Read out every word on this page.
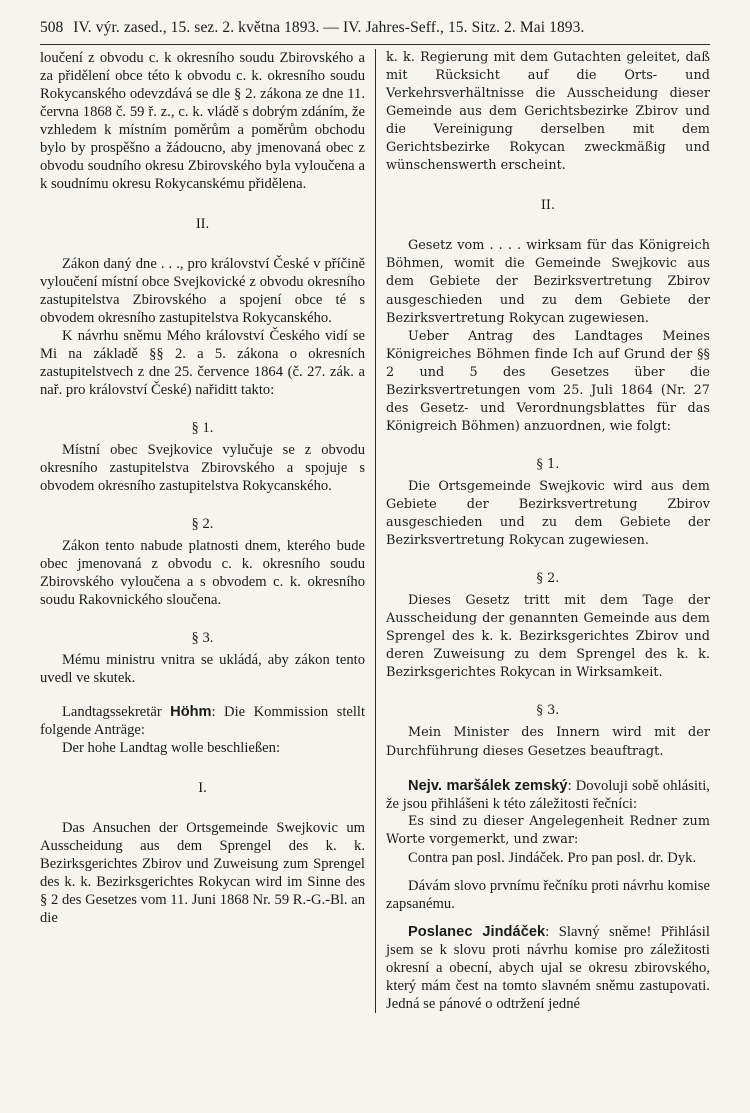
508 IV. výr. zased., 15. sez. 2. května 1893. — IV. Jahres-Seff., 15. Sitz. 2. Mai 1893.

loučení z obvodu c. k okresního soudu Zbirovského a za přidělení obce této k obvodu c. k. okresního soudu Rokycanského odevzdává se dle § 2. zákona ze dne 11. června 1868 č. 59 ř. z., c. k. vládě s dobrým zdáním, že vzhledem k místním poměrům a poměrům obchodu bylo by prospěšno a žádoucno, aby jmenovaná obec z obvodu soudního okresu Zbirovského byla vyloučena a k soudnímu okresu Rokycanskému přidělena.

II.

Zákon daný dne . . ., pro království České v příčině vyloučení místní obce Svejkovické z obvodu okresního zastupitelstva Zbirovského a spojení obce té s obvodem okresního zastupitelstva Rokycanského.

K návrhu sněmu Mého království Českého vidí se Mi na základě §§ 2. a 5. zákona o okresních zastupitelstvech z dne 25. července 1864 (č. 27. zák. a nař. pro království České) nařiditt takto:

§ 1.

Místní obec Svejkovice vylučuje se z obvodu okresního zastupitelstva Zbirovského a spojuje s obvodem okresního zastupitelstva Rokycanského.

§ 2.

Zákon tento nabude platnosti dnem, kterého bude obec jmenovaná z obvodu c. k. okresního soudu Zbirovského vyloučena a s obvodem c. k. okresního soudu Rakovnického sloučena.

§ 3.

Mému ministru vnitra se ukládá, aby zákon tento uvedl ve skutek.

Landtagssekretär Höhm: Die Kommission stellt folgende Anträge:

Der hohe Landtag wolle beschließen:

I.

Das Ansuchen der Ortsgemeinde Swejkovic um Ausscheidung aus dem Sprengel des k. k. Bezirksgerichtes Zbirov und Zuweisung zum Sprengel des k. k. Bezirksgerichtes Rokycan wird im Sinne des § 2 des Gesetzes vom 11. Juni 1868 Nr. 59 R.-G.-Bl. an die

k. k. Regierung mit dem Gutachten geleitet, daß mit Rücksicht auf die Orts- und Verkehrsverhältnisse die Ausscheidung dieser Gemeinde aus dem Gerichtsbezirke Zbirov und die Vereinigung derselben mit dem Gerichtsbezirke Rokycan zweckmäßig und wünschenswerth erscheint.

II.

Gesetz vom . . . . wirksam für das Königreich Böhmen, womit die Gemeinde Swejkovic aus dem Gebiete der Bezirksvertretung Zbirov ausgeschieden und zu dem Gebiete der Bezirksvertretung Rokycan zugewiesen.

Ueber Antrag des Landtages Meines Königreiches Böhmen finde Ich auf Grund der §§ 2 und 5 des Gesetzes über die Bezirksvertretungen vom 25. Juli 1864 (Nr. 27 des Gesetz- und Verordnungsblattes für das Königreich Böhmen) anzuordnen, wie folgt:

§ 1.

Die Ortsgemeinde Swejkovic wird aus dem Gebiete der Bezirksvertretung Zbirov ausgeschieden und zu dem Gebiete der Bezirksvertretung Rokycan zugewiesen.

§ 2.

Dieses Gesetz tritt mit dem Tage der Ausscheidung der genannten Gemeinde aus dem Sprengel des k. k. Bezirksgerichtes Zbirov und deren Zuweisung zu dem Sprengel des k. k. Bezirksgerichtes Rokycan in Wirksamkeit.

§ 3.

Mein Minister des Innern wird mit der Durchführung dieses Gesetzes beauftragt.

Nejv. maršálek zemský: Dovoluji sobě ohlásiti, že jsou přihlášeni k této záležitosti řečníci:

Es sind zu dieser Angelegenheit Redner zum Worte vorgemerkt, und zwar:

Contra pan posl. Jindáček. Pro pan posl. dr. Dyk.

Dávám slovo prvnímu řečníku proti návrhu komise zapsanému.

Poslanec Jindáček: Slavný sněme! Přihlásil jsem se k slovu proti návrhu komise pro záležitosti okresní a obecní, abych ujal se okresu zbirovského, který mám čest na tomto slavném sněmu zastupovati. Jedná se pánové o odtržení jedné
